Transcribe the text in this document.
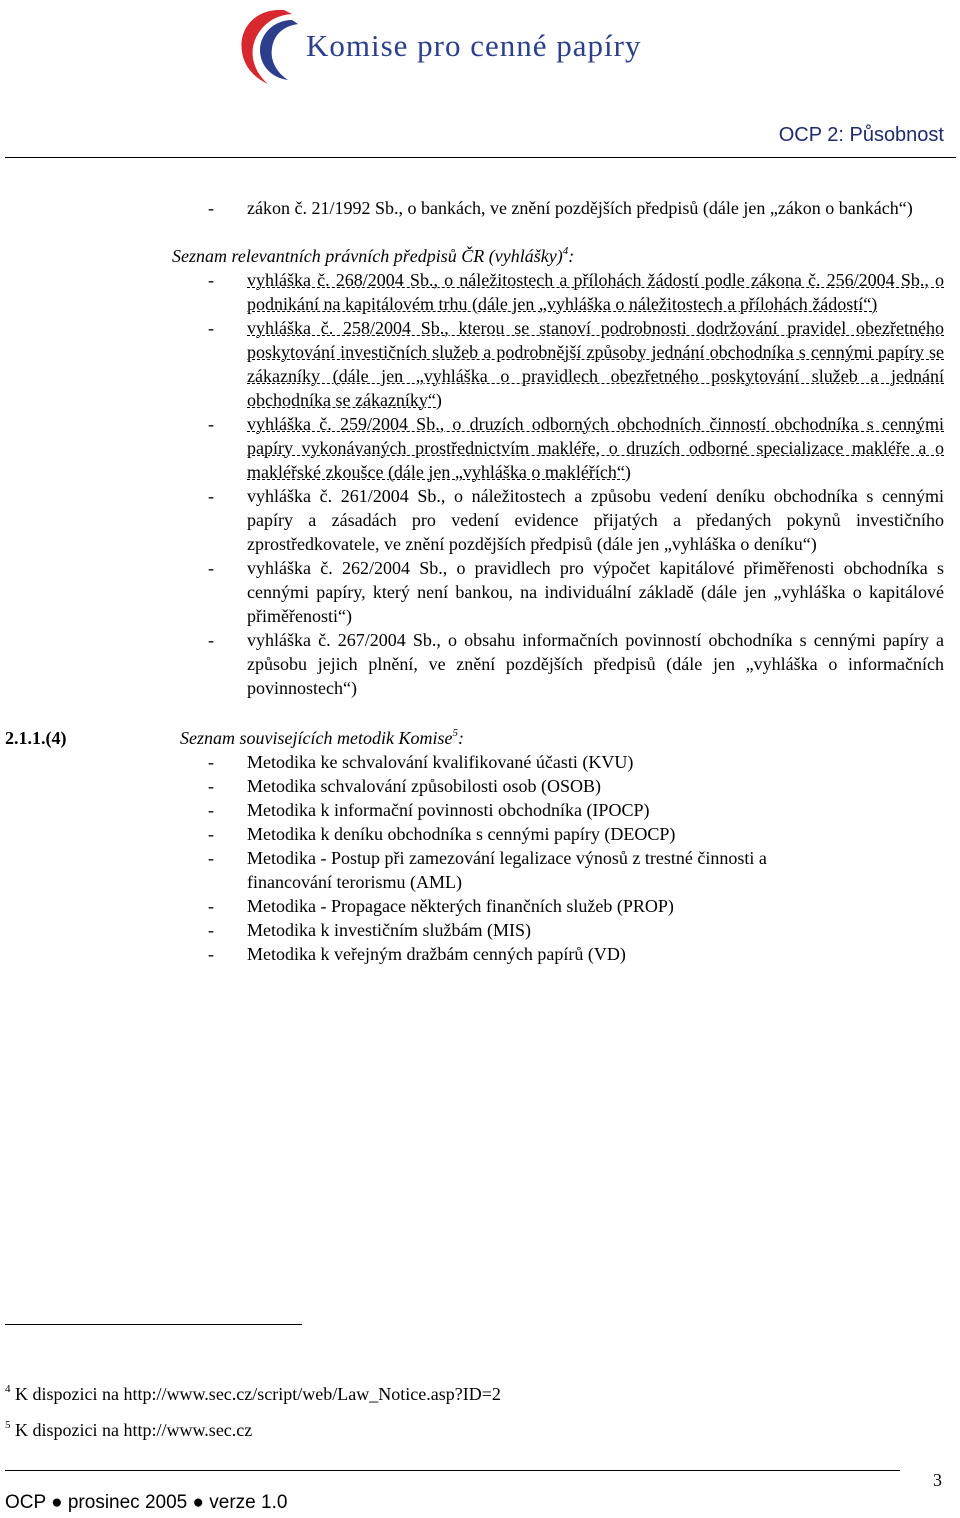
Komise pro cenné papíry
OCP 2: Působnost
- zákon č. 21/1992 Sb., o bankách, ve znění pozdějších předpisů (dále jen „zákon o bankách“)
Seznam relevantních právních předpisů ČR (vyhlášky)$^4$:
- vyhláška č. 268/2004 Sb., o náležitostech a přílohách žádostí podle zákona č. 256/2004 Sb., o podnikání na kapitálovém trhu (dále jen „vyhláška o náležitostech a přílohách žádostí“)
- vyhláška č. 258/2004 Sb., kterou se stanoví podrobnosti dodržování pravidel obezřetného poskytování investičních služeb a podrobnější způsoby jednání obchodníka s cennými papíry se zákazníky (dále jen „vyhláška o pravidlech obezřetného poskytování služeb a jednání obchodníka se zákazníky“)
- vyhláška č. 259/2004 Sb., o druzích odborných obchodních činností obchodníka s cennými papíry vykonávaných prostřednictvím makléře, o druzích odborné specializace makléře a o makléřské zkoušce (dále jen „vyhláška o makléřích“)
- vyhláška č. 261/2004 Sb., o náležitostech a způsobu vedení deníku obchodníka s cennými papíry a zásadách pro vedení evidence přijatých a předaných pokynů investičního zprostředkovatele, ve znění pozdějších předpisů (dále jen „vyhláška o deníku“)
- vyhláška č. 262/2004 Sb., o pravidlech pro výpočet kapitálové přiměřenosti obchodníka s cennými papíry, který není bankou, na individuální základě (dále jen „vyhláška o kapitálové přiměřenosti“)
- vyhláška č. 267/2004 Sb., o obsahu informačních povinností obchodníka s cennými papíry a způsobu jejich plnění, ve znění pozdějších předpisů (dále jen „vyhláška o informačních povinnostech“)
2.1.1.(4)	Seznam souvisejících metodik Komise$^5$:
- Metodika ke schvalování kvalifikované účasti (KVU)
- Metodika schvalování způsobilosti osob (OSOB)
- Metodika k informační povinnosti obchodníka (IPOCP)
- Metodika k deníku obchodníka s cennými papíry (DEOCP)
- Metodika - Postup při zamezování legalizace výnosů z trestné činnosti a financování terorismu (AML)
- Metodika - Propagace některých finančních služeb (PROP)
- Metodika k investičním službám (MIS)
- Metodika k veřejným dražbám cenných papírů (VD)
$^4$ K dispozici na http://www.sec.cz/script/web/Law_Notice.asp?ID=2
$^5$ K dispozici na http://www.sec.cz
3
OCP ● prosinec 2005 ● verze 1.0
